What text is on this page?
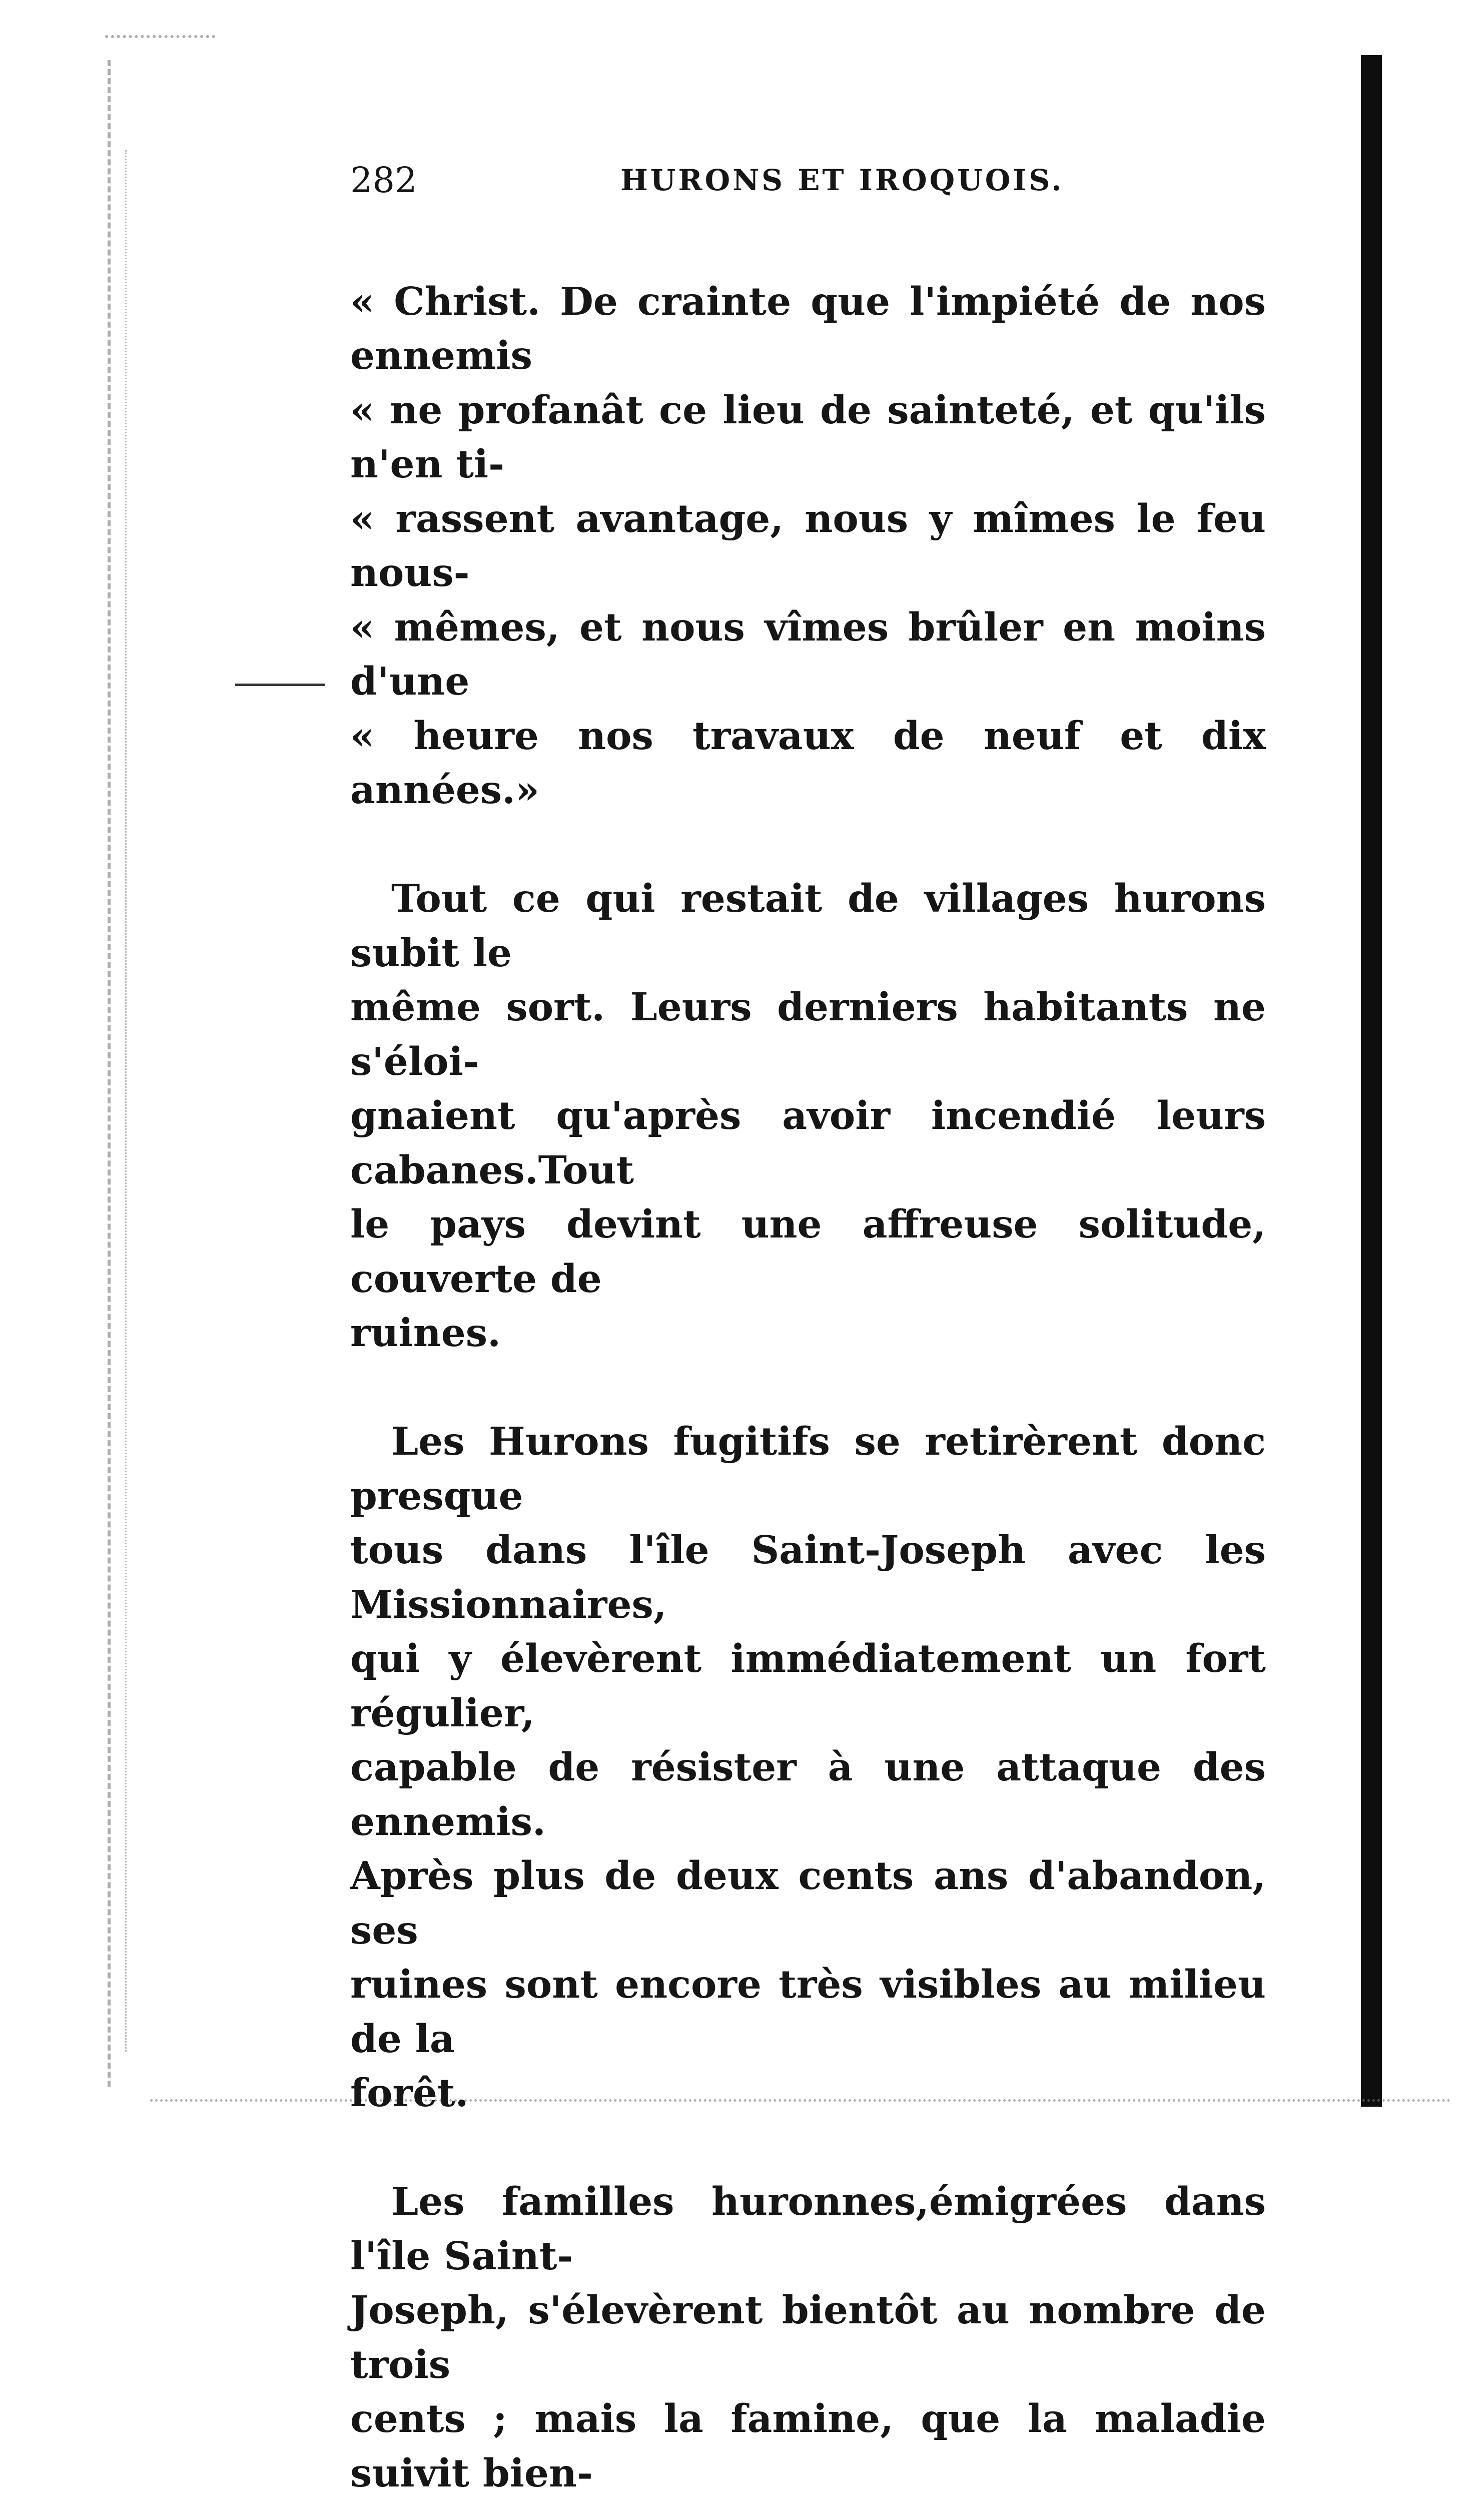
282	HURONS ET IROQUOIS.

« Christ. De crainte que l'impiété de nos ennemis
« ne profanât ce lieu de sainteté, et qu'ils n'en ti-
« rassent avantage, nous y mîmes le feu nous-
« mêmes, et nous vîmes brûler en moins d'une
« heure nos travaux de neuf et dix années.»

Tout ce qui restait de villages hurons subit le
même sort. Leurs derniers habitants ne s'éloi-
gnaient qu'après avoir incendié leurs cabanes.Tout
le pays devint une affreuse solitude, couverte de
ruines.

Les Hurons fugitifs se retirèrent donc presque
tous dans l'île Saint-Joseph avec les Missionnaires,
qui y élevèrent immédiatement un fort régulier,
capable de résister à une attaque des ennemis.
Après plus de deux cents ans d'abandon, ses
ruines sont encore très visibles au milieu de la
forêt.

Les familles huronnes,émigrées dans l'île Saint-
Joseph, s'élevèrent bientôt au nombre de trois
cents ; mais la famine, que la maladie suivit bien-
